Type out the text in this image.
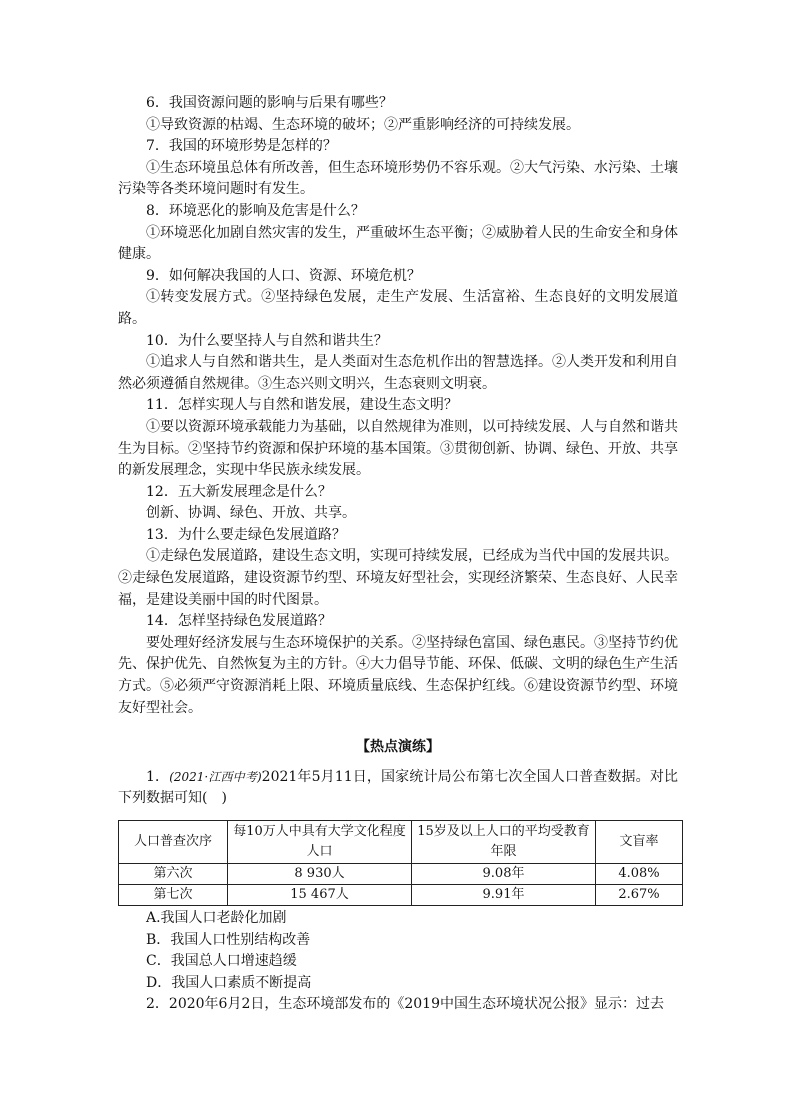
6．我国资源问题的影响与后果有哪些？

①导致资源的枯竭、生态环境的破坏；②严重影响经济的可持续发展。

7．我国的环境形势是怎样的？

①生态环境虽总体有所改善，但生态环境形势仍不容乐观。②大气污染、水污染、土壤污染等各类环境问题时有发生。

8．环境恶化的影响及危害是什么？

①环境恶化加剧自然灾害的发生，严重破坏生态平衡；②威胁着人民的生命安全和身体健康。

9．如何解决我国的人口、资源、环境危机？

①转变发展方式。②坚持绿色发展，走生产发展、生活富裕、生态良好的文明发展道路。

10．为什么要坚持人与自然和谐共生？

①追求人与自然和谐共生，是人类面对生态危机作出的智慧选择。②人类开发和利用自然必须遵循自然规律。③生态兴则文明兴，生态衰则文明衰。

11．怎样实现人与自然和谐发展，建设生态文明？

①要以资源环境承载能力为基础，以自然规律为准则，以可持续发展、人与自然和谐共生为目标。②坚持节约资源和保护环境的基本国策。③贯彻创新、协调、绿色、开放、共享的新发展理念，实现中华民族永续发展。

12．五大新发展理念是什么？

创新、协调、绿色、开放、共享。

13．为什么要走绿色发展道路？

①走绿色发展道路，建设生态文明，实现可持续发展，已经成为当代中国的发展共识。②走绿色发展道路，建设资源节约型、环境友好型社会，实现经济繁荣、生态良好、人民幸福，是建设美丽中国的时代图景。

14．怎样坚持绿色发展道路？

要处理好经济发展与生态环境保护的关系。②坚持绿色富国、绿色惠民。③坚持节约优先、保护优先、自然恢复为主的方针。④大力倡导节能、环保、低碳、文明的绿色生产生活方式。⑤必须严守资源消耗上限、环境质量底线、生态保护红线。⑥建设资源节约型、环境友好型社会。

【热点演练】

1．(2021·江西中考)2021年5月11日，国家统计局公布第七次全国人口普查数据。对比下列数据可知(　)

人口普查次序	每10万人中具有大学文化程度人口	15岁及以上人口的平均受教育年限	文盲率
第六次	8 930人	9.08年	4.08%
第七次	15 467人	9.91年	2.67%

A.我国人口老龄化加剧

B．我国人口性别结构改善

C．我国总人口增速趋缓

D．我国人口素质不断提高

2．2020年6月2日，生态环境部发布的《2019中国生态环境状况公报》显示：过去
